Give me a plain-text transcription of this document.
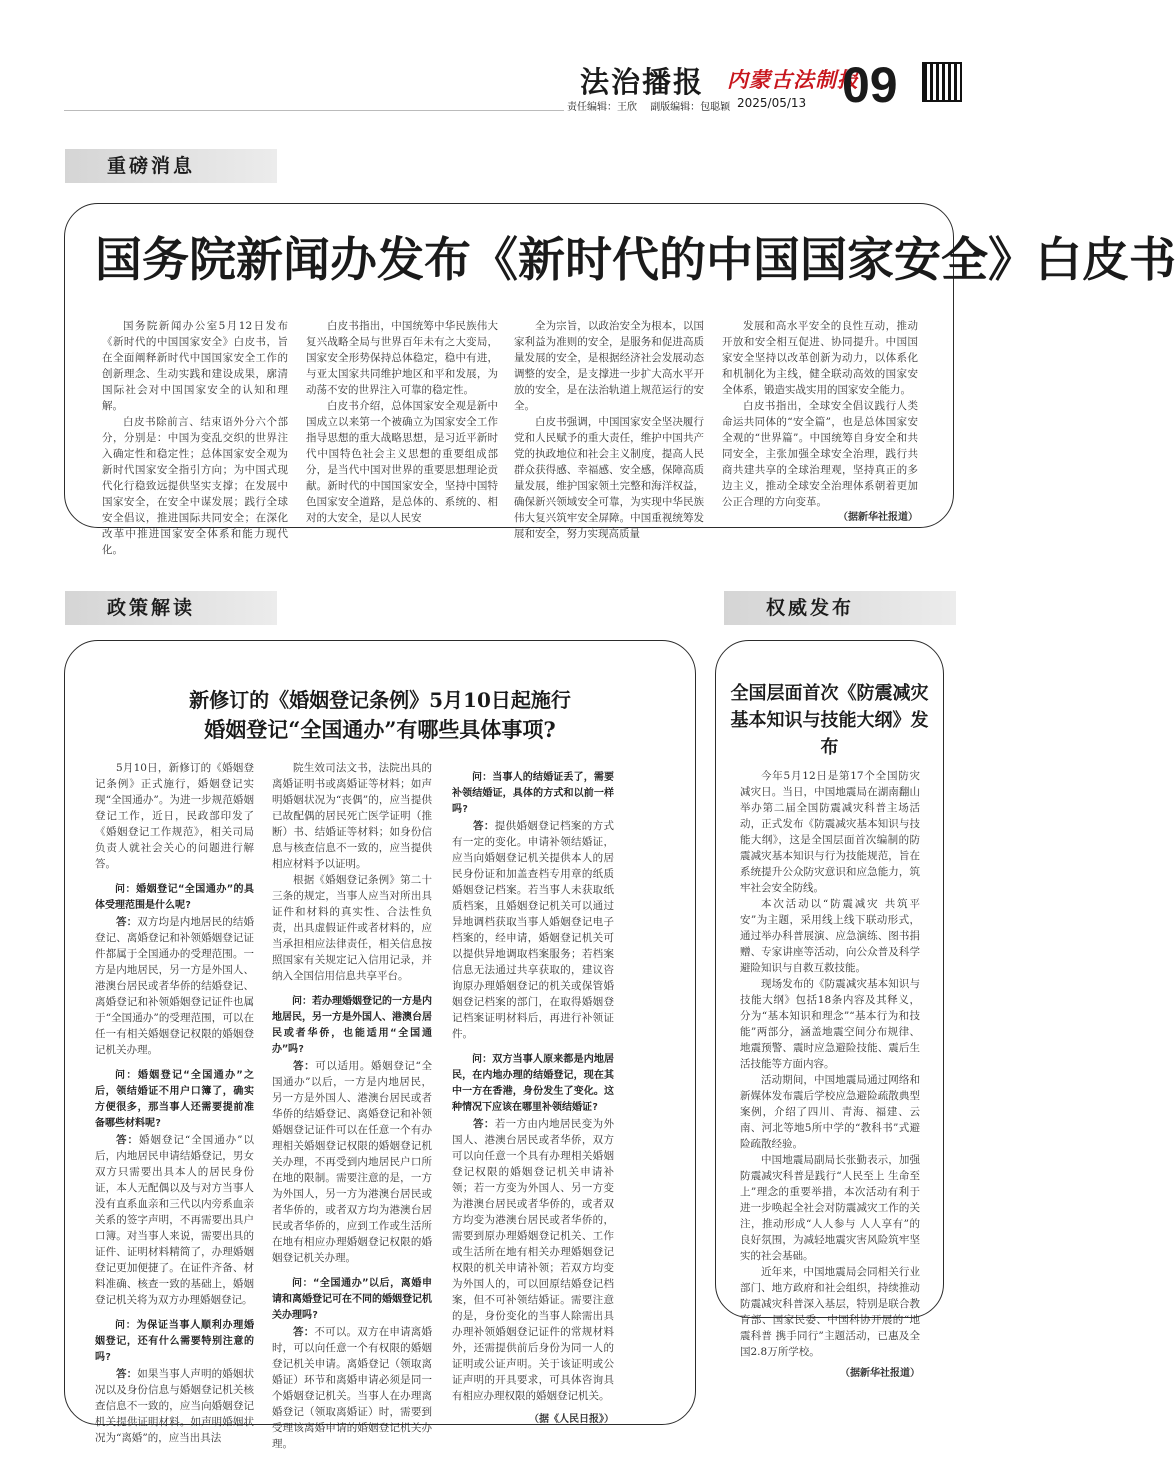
法治播报 内蒙古法制报
09
责任编辑：王欣 副版编辑：包聪颖 2025/05/13
重磅消息
政策解读	权威发布
国务院新闻办发布《新时代的中国国家安全》白皮书

国务院新闻办公室5月12日发布《新时代的中国国家安全》白皮书，旨在全面阐释新时代中国国家安全工作的创新理念、生动实践和建设成果，廓清国际社会对中国国家安全的认知和理解。

白皮书除前言、结束语外分六个部分，分别是：中国为变乱交织的世界注入确定性和稳定性；总体国家安全观为新时代国家安全指引方向；为中国式现代化行稳致远提供坚实支撑；在发展中国家安全，在安全中谋发展；践行全球安全倡议，推进国际共同安全；在深化改革中推进国家安全体系和能力现代化。

白皮书指出，中国统筹中华民族伟大复兴战略全局与世界百年未有之大变局，国家安全形势保持总体稳定，稳中有进，与亚太国家共同维护地区和平和发展，为动荡不安的世界注入可靠的稳定性。

白皮书介绍，总体国家安全观是新中国成立以来第一个被确立为国家安全工作指导思想的重大战略思想，是习近平新时代中国特色社会主义思想的重要组成部分，是当代中国对世界的重要思想理论贡献。新时代的中国国家安全，坚持中国特色国家安全道路，是总体的、系统的、相对的大安全，是以人民安

全为宗旨，以政治安全为根本，以国家利益为准则的安全，是服务和促进高质量发展的安全，是根据经济社会发展动态调整的安全，是支撑进一步扩大高水平开放的安全，是在法治轨道上规范运行的安全。

白皮书强调，中国国家安全坚决履行党和人民赋予的重大责任，维护中国共产党的执政地位和社会主义制度，提高人民群众获得感、幸福感、安全感，保障高质量发展，维护国家领土完整和海洋权益，确保新兴领域安全可靠，为实现中华民族伟大复兴筑牢安全屏障。中国重视统筹发展和安全，努力实现高质量

发展和高水平安全的良性互动，推动开放和安全相互促进、协同提升。中国国家安全坚持以改革创新为动力，以体系化和机制化为主线，健全联动高效的国家安全体系，锻造实战实用的国家安全能力。

白皮书指出，全球安全倡议践行人类命运共同体的“安全篇”，也是总体国家安全观的“世界篇”。中国统筹自身安全和共同安全，主张加强全球安全治理，践行共商共建共享的全球治理观，坚持真正的多边主义，推动全球安全治理体系朝着更加公正合理的方向变革。

（据新华社报道）
新修订的《婚姻登记条例》5月10日起施行
婚姻登记“全国通办”有哪些具体事项?

5月10日，新修订的《婚姻登记条例》正式施行，婚姻登记实现“全国通办”。为进一步规范婚姻登记工作，近日，民政部印发了《婚姻登记工作规范》，相关司局负责人就社会关心的问题进行解答。

问：婚姻登记“全国通办”的具体受理范围是什么呢?

答：双方均是内地居民的结婚登记、离婚登记和补领婚姻登记证件都属于全国通办的受理范围。一方是内地居民，另一方是外国人、港澳台居民或者华侨的结婚登记、离婚登记和补领婚姻登记证件也属于“全国通办”的受理范围，可以在任一有相关婚姻登记权限的婚姻登记机关办理。

问：婚姻登记“全国通办”之后，领结婚证不用户口簿了，确实方便很多，那当事人还需要提前准备哪些材料呢?

答：婚姻登记“全国通办”以后，内地居民申请结婚登记，男女双方只需要出具本人的居民身份证，本人无配偶以及与对方当事人没有直系血亲和三代以内旁系血亲关系的签字声明，不再需要出具户口簿。对当事人来说，需要出具的证件、证明材料精简了，办理婚姻登记更加便捷了。在证件齐备、材料准确、核查一致的基础上，婚姻登记机关将为双方办理婚姻登记。

问：为保证当事人顺利办理婚姻登记，还有什么需要特别注意的吗?

答：如果当事人声明的婚姻状况以及身份信息与婚姻登记机关核查信息不一致的，应当向婚姻登记机关提供证明材料。如声明婚姻状况为“离婚”的，应当出具法

院生效司法文书，法院出具的离婚证明书或离婚证等材料；如声明婚姻状况为“丧偶”的，应当提供已故配偶的居民死亡医学证明（推断）书、结婚证等材料；如身份信息与核查信息不一致的，应当提供相应材料予以证明。

根据《婚姻登记条例》第二十三条的规定，当事人应当对所出具证件和材料的真实性、合法性负责，出具虚假证件或者材料的，应当承担相应法律责任，相关信息按照国家有关规定记入信用记录，并纳入全国信用信息共享平台。

问：若办理婚姻登记的一方是内地居民，另一方是外国人、港澳台居民或者华侨，也能适用“全国通办”吗?

答：可以适用。婚姻登记“全国通办”以后，一方是内地居民，另一方是外国人、港澳台居民或者华侨的结婚登记、离婚登记和补领婚姻登记证件可以在任意一个有办理相关婚姻登记权限的婚姻登记机关办理，不再受到内地居民户口所在地的限制。需要注意的是，一方为外国人，另一方为港澳台居民或者华侨的，或者双方均为港澳台居民或者华侨的，应到工作或生活所在地有相应办理婚姻登记权限的婚姻登记机关办理。

问：“全国通办”以后，离婚申请和离婚登记可在不同的婚姻登记机关办理吗?

答：不可以。双方在申请离婚时，可以向任意一个有权限的婚姻登记机关申请。离婚登记（领取离婚证）环节和离婚申请必须是同一个婚姻登记机关。当事人在办理离婚登记（领取离婚证）时，需要到受理该离婚申请的婚姻登记机关办理。

问：当事人的结婚证丢了，需要补领结婚证，具体的方式和以前一样吗?

答：提供婚姻登记档案的方式有一定的变化。申请补领结婚证，应当向婚姻登记机关提供本人的居民身份证和加盖查档专用章的纸质婚姻登记档案。若当事人未获取纸质档案，且婚姻登记机关可以通过异地调档获取当事人婚姻登记电子档案的，经申请，婚姻登记机关可以提供异地调取档案服务；若档案信息无法通过共享获取的，建议咨询原办理婚姻登记的机关或保管婚姻登记档案的部门，在取得婚姻登记档案证明材料后，再进行补领证件。

问：双方当事人原来都是内地居民，在内地办理的结婚登记，现在其中一方在香港，身份发生了变化。这种情况下应该在哪里补领结婚证?

答：若一方由内地居民变为外国人、港澳台居民或者华侨，双方可以向任意一个具有办理相关婚姻登记权限的婚姻登记机关申请补领；若一方变为外国人、另一方变为港澳台居民或者华侨的，或者双方均变为港澳台居民或者华侨的，需要到原办理婚姻登记机关、工作或生活所在地有相关办理婚姻登记权限的机关申请补领；若双方均变为外国人的，可以回原结婚登记档案，但不可补领结婚证。需要注意的是，身份变化的当事人除需出具办理补领婚姻登记证件的常规材料外，还需提供前后身份为同一人的证明或公证声明。关于该证明或公证声明的开具要求，可具体咨询具有相应办理权限的婚姻登记机关。

（据《人民日报》）

全国层面首次《防震减灾基本知识与技能大纲》发布

今年5月12日是第17个全国防灾减灾日。当日，中国地震局在湖南翻山举办第二届全国防震减灾科普主场活动，正式发布《防震减灾基本知识与技能大纲》，这是全国层面首次编制的防震减灾基本知识与行为技能规范，旨在系统提升公众防灾意识和应急能力，筑牢社会安全防线。

本次活动以“防震减灾 共筑平安”为主题，采用线上线下联动形式，通过举办科普展演、应急演练、图书捐赠、专家讲座等活动，向公众普及科学避险知识与自救互救技能。

现场发布的《防震减灾基本知识与技能大纲》包括18条内容及其释义，分为“基本知识和理念”“基本行为和技能”两部分，涵盖地震空间分布规律、地震预警、震时应急避险技能、震后生活技能等方面内容。

活动期间，中国地震局通过网络和新媒体发布震后学校应急避险疏散典型案例，介绍了四川、青海、福建、云南、河北等地5所中学的“教科书”式避险疏散经验。

中国地震局副局长张勤表示，加强防震减灾科普是践行“人民至上 生命至上”理念的重要举措，本次活动有利于进一步唤起全社会对防震减灾工作的关注，推动形成“人人参与 人人享有”的良好氛围，为减轻地震灾害风险筑牢坚实的社会基础。

近年来，中国地震局会同相关行业部门、地方政府和社会组织，持续推动防震减灾科普深入基层，特别是联合教育部、国家民委、中国科协开展的“地震科普 携手同行”主题活动，已惠及全国2.8万所学校。

（据新华社报道）
